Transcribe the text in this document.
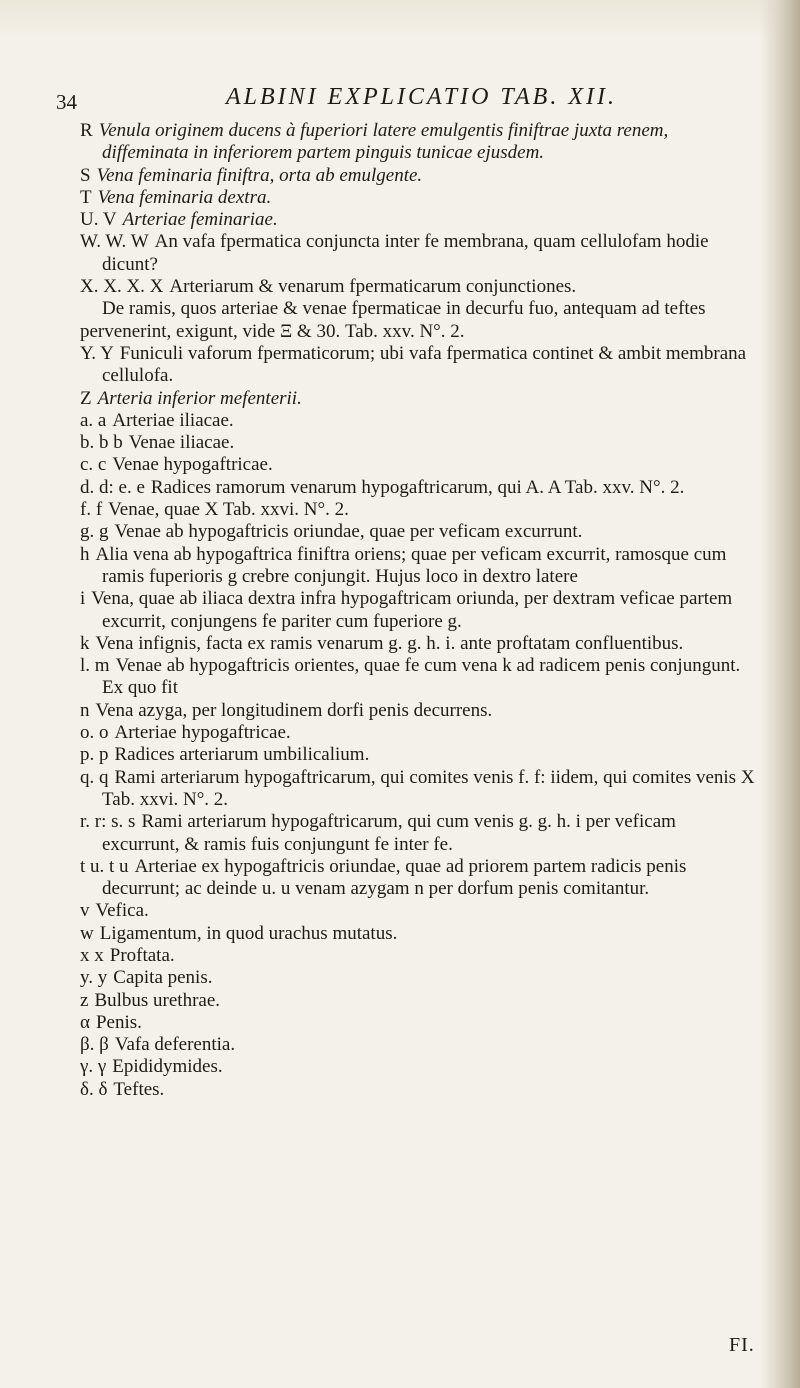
34	ALBINI EXPLICATIO TAB. XII.

R Venula originem ducens à fuperiori latere emulgentis finiftrae juxta renem, diffeminata in inferiorem partem pinguis tunicae ejusdem.

S Vena feminaria finiftra, orta ab emulgente.

T Vena feminaria dextra.

U. V Arteriae feminariae.

W. W. W An vafa fpermatica conjuncta inter fe membrana, quam cellulofam hodie dicunt?

X. X. X. X Arteriarum & venarum fpermaticarum conjunctiones.

De ramis, quos arteriae & venae fpermaticae in decurfu fuo, antequam ad teftes pervenerint, exigunt, vide Ξ & 30. Tab. xxv. N°. 2.

Y. Y Funiculi vaforum fpermaticorum; ubi vafa fpermatica continet & ambit membrana cellulofa.

Z Arteria inferior mefenterii.

a. a Arteriae iliacae.

b. b b Venae iliacae.

c. c Venae hypogaftricae.

d. d: e. e Radices ramorum venarum hypogaftricarum, qui A. A Tab. xxv. N°. 2.

f. f Venae, quae X Tab. xxvi. N°. 2.

g. g Venae ab hypogaftricis oriundae, quae per veficam excurrunt.

h Alia vena ab hypogaftrica finiftra oriens; quae per veficam excurrit, ramosque cum ramis fuperioris g crebre conjungit. Hujus loco in dextro latere

i Vena, quae ab iliaca dextra infra hypogaftricam oriunda, per dextram veficae partem excurrit, conjungens fe pariter cum fuperiore g.

k Vena infignis, facta ex ramis venarum g. g. h. i. ante proftatam confluentibus.

l. m Venae ab hypogaftricis orientes, quae fe cum vena k ad radicem penis conjungunt. Ex quo fit

n Vena azyga, per longitudinem dorfi penis decurrens.

o. o Arteriae hypogaftricae.

p. p Radices arteriarum umbilicalium.

q. q Rami arteriarum hypogaftricarum, qui comites venis f. f: iidem, qui comites venis X Tab. xxvi. N°. 2.

r. r: s. s Rami arteriarum hypogaftricarum, qui cum venis g. g. h. i per veficam excurrunt, & ramis fuis conjungunt fe inter fe.

t u. t u Arteriae ex hypogaftricis oriundae, quae ad priorem partem radicis penis decurrunt; ac deinde u. u venam azygam n per dorfum penis comitantur.

v Vefica.

w Ligamentum, in quod urachus mutatus.

x x Proftata.

y. y Capita penis.

z Bulbus urethrae.

α Penis.

β. β Vafa deferentia.

γ. γ Epididymides.

δ. δ Teftes.

FI.
